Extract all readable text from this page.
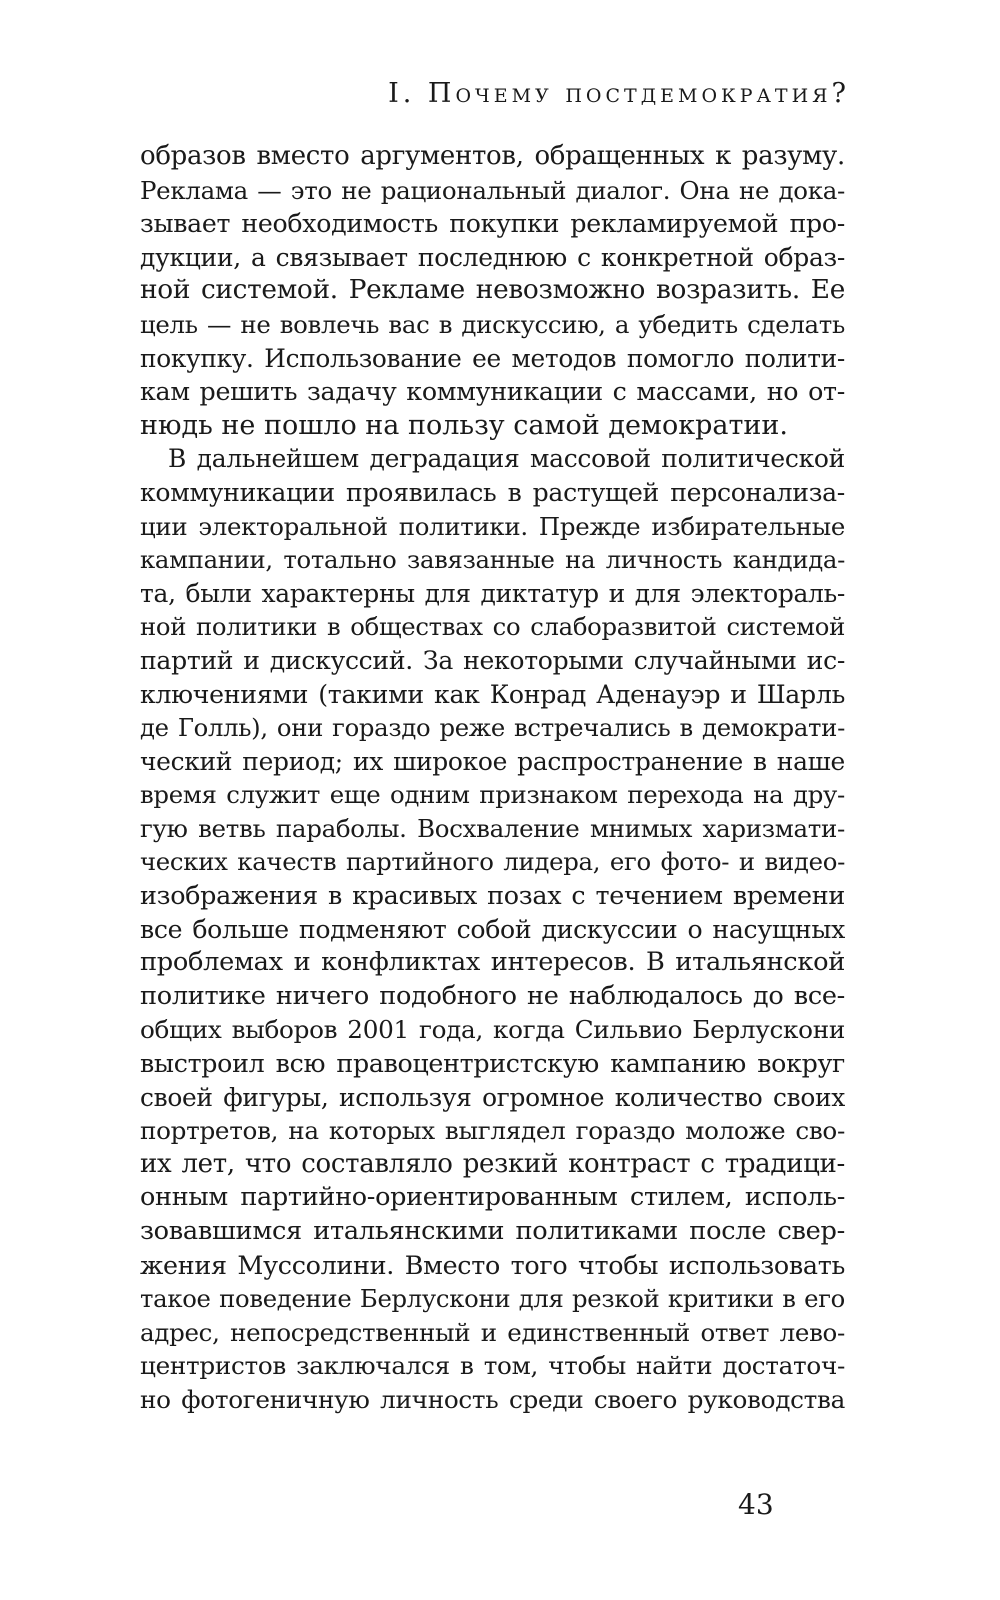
I. Почему постдемократия?
образов вместо аргументов, обращенных к разуму.
Реклама — это не рациональный диалог. Она не дока-
зывает необходимость покупки рекламируемой про-
дукции, а связывает последнюю с конкретной образ-
ной системой. Рекламе невозможно возразить. Ее
цель — не вовлечь вас в дискуссию, а убедить сделать
покупку. Использование ее методов помогло полити-
кам решить задачу коммуникации с массами, но от-
нюдь не пошло на пользу самой демократии.
В дальнейшем деградация массовой политической
коммуникации проявилась в растущей персонализа-
ции электоральной политики. Прежде избирательные
кампании, тотально завязанные на личность кандида-
та, были характерны для диктатур и для электораль-
ной политики в обществах со слаборазвитой системой
партий и дискуссий. За некоторыми случайными ис-
ключениями (такими как Конрад Аденауэр и Шарль
де Голль), они гораздо реже встречались в демократи-
ческий период; их широкое распространение в наше
время служит еще одним признаком перехода на дру-
гую ветвь параболы. Восхваление мнимых харизмати-
ческих качеств партийного лидера, его фото- и видео-
изображения в красивых позах с течением времени
все больше подменяют собой дискуссии о насущных
проблемах и конфликтах интересов. В итальянской
политике ничего подобного не наблюдалось до все-
общих выборов 2001 года, когда Сильвио Берлускони
выстроил всю правоцентристскую кампанию вокруг
своей фигуры, используя огромное количество своих
портретов, на которых выглядел гораздо моложе сво-
их лет, что составляло резкий контраст с традици-
онным партийно-ориентированным стилем, исполь-
зовавшимся итальянскими политиками после свер-
жения Муссолини. Вместо того чтобы использовать
такое поведение Берлускони для резкой критики в его
адрес, непосредственный и единственный ответ лево-
центристов заключался в том, чтобы найти достаточ-
но фотогеничную личность среди своего руководства
43
